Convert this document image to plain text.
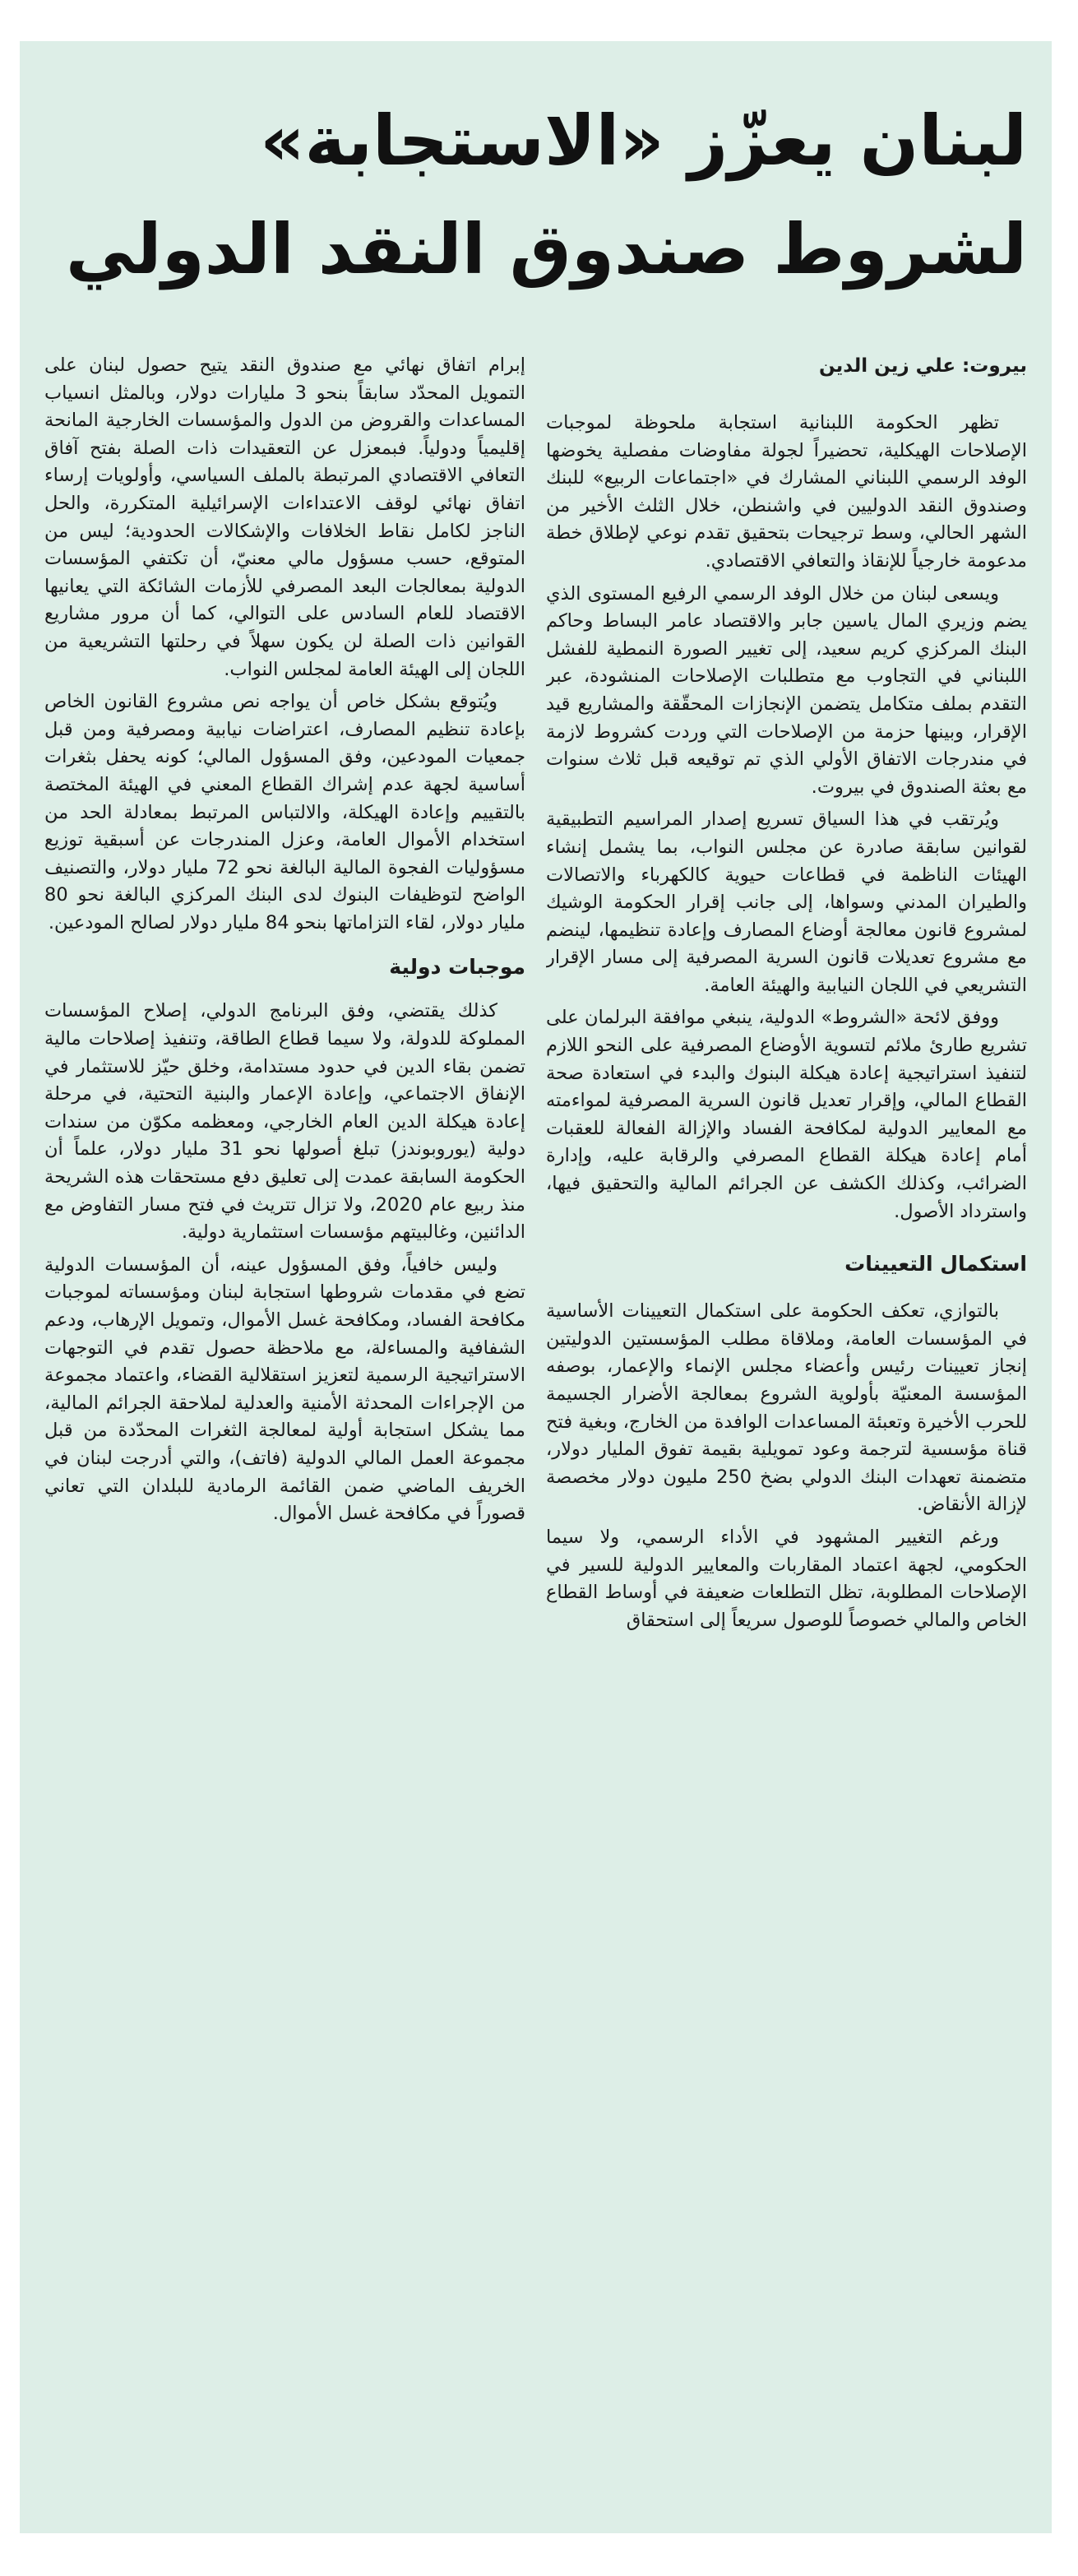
لبنان يعزّز «الاستجابة»
لشروط صندوق النقد الدولي
بيروت: علي زين الدين

تظهر الحكومة اللبنانية استجابة ملحوظة لموجبات الإصلاحات الهيكلية، تحضيراً لجولة مفاوضات مفصلية يخوضها الوفد الرسمي اللبناني المشارك في «اجتماعات الربيع» للبنك وصندوق النقد الدوليين في واشنطن، خلال الثلث الأخير من الشهر الحالي، وسط ترجيحات بتحقيق تقدم نوعي لإطلاق خطة مدعومة خارجياً للإنقاذ والتعافي الاقتصادي.

ويسعى لبنان من خلال الوفد الرسمي الرفيع المستوى الذي يضم وزيري المال ياسين جابر والاقتصاد عامر البساط وحاكم البنك المركزي كريم سعيد، إلى تغيير الصورة النمطية للفشل اللبناني في التجاوب مع متطلبات الإصلاحات المنشودة، عبر التقدم بملف متكامل يتضمن الإنجازات المحقّقة والمشاريع قيد الإقرار، وبينها حزمة من الإصلاحات التي وردت كشروط لازمة في مندرجات الاتفاق الأولي الذي تم توقيعه قبل ثلاث سنوات مع بعثة الصندوق في بيروت.

ويُرتقب في هذا السياق تسريع إصدار المراسيم التطبيقية لقوانين سابقة صادرة عن مجلس النواب، بما يشمل إنشاء الهيئات الناظمة في قطاعات حيوية كالكهرباء والاتصالات والطيران المدني وسواها، إلى جانب إقرار الحكومة الوشيك لمشروع قانون معالجة أوضاع المصارف وإعادة تنظيمها، لينضم مع مشروع تعديلات قانون السرية المصرفية إلى مسار الإقرار التشريعي في اللجان النيابية والهيئة العامة.

ووفق لائحة «الشروط» الدولية، ينبغي موافقة البرلمان على تشريع طارئ ملائم لتسوية الأوضاع المصرفية على النحو اللازم لتنفيذ استراتيجية إعادة هيكلة البنوك والبدء في استعادة صحة القطاع المالي، وإقرار تعديل قانون السرية المصرفية لمواءمته مع المعايير الدولية لمكافحة الفساد والإزالة الفعالة للعقبات أمام إعادة هيكلة القطاع المصرفي والرقابة عليه، وإدارة الضرائب، وكذلك الكشف عن الجرائم المالية والتحقيق فيها، واسترداد الأصول.

استكمال التعيينات

بالتوازي، تعكف الحكومة على استكمال التعيينات الأساسية في المؤسسات العامة، وملاقاة مطلب المؤسستين الدوليتين إنجاز تعيينات رئيس وأعضاء مجلس الإنماء والإعمار، بوصفه المؤسسة المعنيّة بأولوية الشروع بمعالجة الأضرار الجسيمة للحرب الأخيرة وتعبئة المساعدات الوافدة من الخارج، وبغية فتح قناة مؤسسية لترجمة وعود تمويلية بقيمة تفوق المليار دولار، متضمنة تعهدات البنك الدولي بضخ 250 مليون دولار مخصصة لإزالة الأنقاض.

ورغم التغيير المشهود في الأداء الرسمي، ولا سيما الحكومي، لجهة اعتماد المقاربات والمعايير الدولية للسير في الإصلاحات المطلوبة، تظل التطلعات ضعيفة في أوساط القطاع الخاص والمالي خصوصاً للوصول سريعاً إلى استحقاق

إبرام اتفاق نهائي مع صندوق النقد يتيح حصول لبنان على التمويل المحدّد سابقاً بنحو 3 مليارات دولار، وبالمثل انسياب المساعدات والقروض من الدول والمؤسسات الخارجية المانحة إقليمياً ودولياً. فبمعزل عن التعقيدات ذات الصلة بفتح آفاق التعافي الاقتصادي المرتبطة بالملف السياسي، وأولويات إرساء اتفاق نهائي لوقف الاعتداءات الإسرائيلية المتكررة، والحل الناجز لكامل نقاط الخلافات والإشكالات الحدودية؛ ليس من المتوقع، حسب مسؤول مالي معنيّ، أن تكتفي المؤسسات الدولية بمعالجات البعد المصرفي للأزمات الشائكة التي يعانيها الاقتصاد للعام السادس على التوالي، كما أن مرور مشاريع القوانين ذات الصلة لن يكون سهلاً في رحلتها التشريعية من اللجان إلى الهيئة العامة لمجلس النواب.

ويُتوقع بشكل خاص أن يواجه نص مشروع القانون الخاص بإعادة تنظيم المصارف، اعتراضات نيابية ومصرفية ومن قبل جمعيات المودعين، وفق المسؤول المالي؛ كونه يحفل بثغرات أساسية لجهة عدم إشراك القطاع المعني في الهيئة المختصة بالتقييم وإعادة الهيكلة، والالتباس المرتبط بمعادلة الحد من استخدام الأموال العامة، وعزل المندرجات عن أسبقية توزيع مسؤوليات الفجوة المالية البالغة نحو 72 مليار دولار، والتصنيف الواضح لتوظيفات البنوك لدى البنك المركزي البالغة نحو 80 مليار دولار، لقاء التزاماتها بنحو 84 مليار دولار لصالح المودعين.

موجبات دولية

كذلك يقتضي، وفق البرنامج الدولي، إصلاح المؤسسات المملوكة للدولة، ولا سيما قطاع الطاقة، وتنفيذ إصلاحات مالية تضمن بقاء الدين في حدود مستدامة، وخلق حيّز للاستثمار في الإنفاق الاجتماعي، وإعادة الإعمار والبنية التحتية، في مرحلة إعادة هيكلة الدين العام الخارجي، ومعظمه مكوّن من سندات دولية (يوروبوندز) تبلغ أصولها نحو 31 مليار دولار، علماً أن الحكومة السابقة عمدت إلى تعليق دفع مستحقات هذه الشريحة منذ ربيع عام 2020، ولا تزال تتريث في فتح مسار التفاوض مع الدائنين، وغالبيتهم مؤسسات استثمارية دولية.

وليس خافياً، وفق المسؤول عينه، أن المؤسسات الدولية تضع في مقدمات شروطها استجابة لبنان ومؤسساته لموجبات مكافحة الفساد، ومكافحة غسل الأموال، وتمويل الإرهاب، ودعم الشفافية والمساءلة، مع ملاحظة حصول تقدم في التوجهات الاستراتيجية الرسمية لتعزيز استقلالية القضاء، واعتماد مجموعة من الإجراءات المحدثة الأمنية والعدلية لملاحقة الجرائم المالية، مما يشكل استجابة أولية لمعالجة الثغرات المحدّدة من قبل مجموعة العمل المالي الدولية (فاتف)، والتي أدرجت لبنان في الخريف الماضي ضمن القائمة الرمادية للبلدان التي تعاني قصوراً في مكافحة غسل الأموال.
